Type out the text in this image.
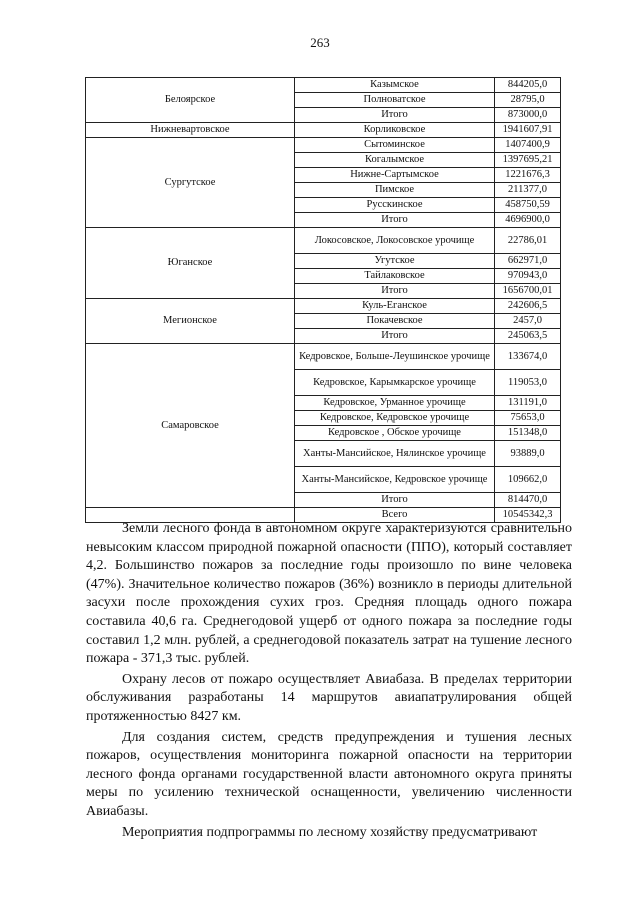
263
Белоярское	Казымское	844205,0
	Полноватское	28795,0
	Итого	873000,0
Нижневартовское	Корликовское	1941607,91
Сургутское	Сытоминское	1407400,9
	Когалымское	1397695,21
	Нижне-Сартымское	1221676,3
	Пимское	211377,0
	Русскинское	458750,59
	Итого	4696900,0
Юганское	Локосовское, Локосовское урочище	22786,01
	Угутское	662971,0
	Тайлаковское	970943,0
	Итого	1656700,01
Мегионское	Куль-Еганское	242606,5
	Покачевское	2457,0
	Итого	245063,5
Самаровское	Кедровское, Больше-Леушинское урочище	133674,0
	Кедровское, Карымкарское урочище	119053,0
	Кедровское, Урманное урочище	131191,0
	Кедровское, Кедровское урочище	75653,0
	Кедровское , Обское урочище	151348,0
	Ханты-Мансийское, Нялинское урочище	93889,0
	Ханты-Мансийское, Кедровское урочище	109662,0
	Итого	814470,0
	Всего	10545342,3

Земли лесного фонда в автономном округе характеризуются сравнительно невысоким классом природной пожарной опасности (ППО), который составляет 4,2. Большинство пожаров за последние годы произошло по вине человека (47%). Значительное количество пожаров (36%) возникло в периоды длительной засухи после прохождения сухих гроз. Средняя площадь одного пожара составила 40,6 га. Среднегодовой ущерб от одного пожара за последние годы составил 1,2 млн. рублей, а среднегодовой показатель затрат на тушение лесного пожара - 371,3 тыс. рублей.

Охрану лесов от пожаро осуществляет Авиабаза. В пределах территории обслуживания разработаны 14 маршрутов авиапатрулирования общей протяженностью 8427 км.

Для создания систем, средств предупреждения и тушения лесных пожаров, осуществления мониторинга пожарной опасности на территории лесного фонда органами государственной власти автономного округа приняты меры по усилению технической оснащенности, увеличению численности Авиабазы.

Мероприятия подпрограммы по лесному хозяйству предусматривают
